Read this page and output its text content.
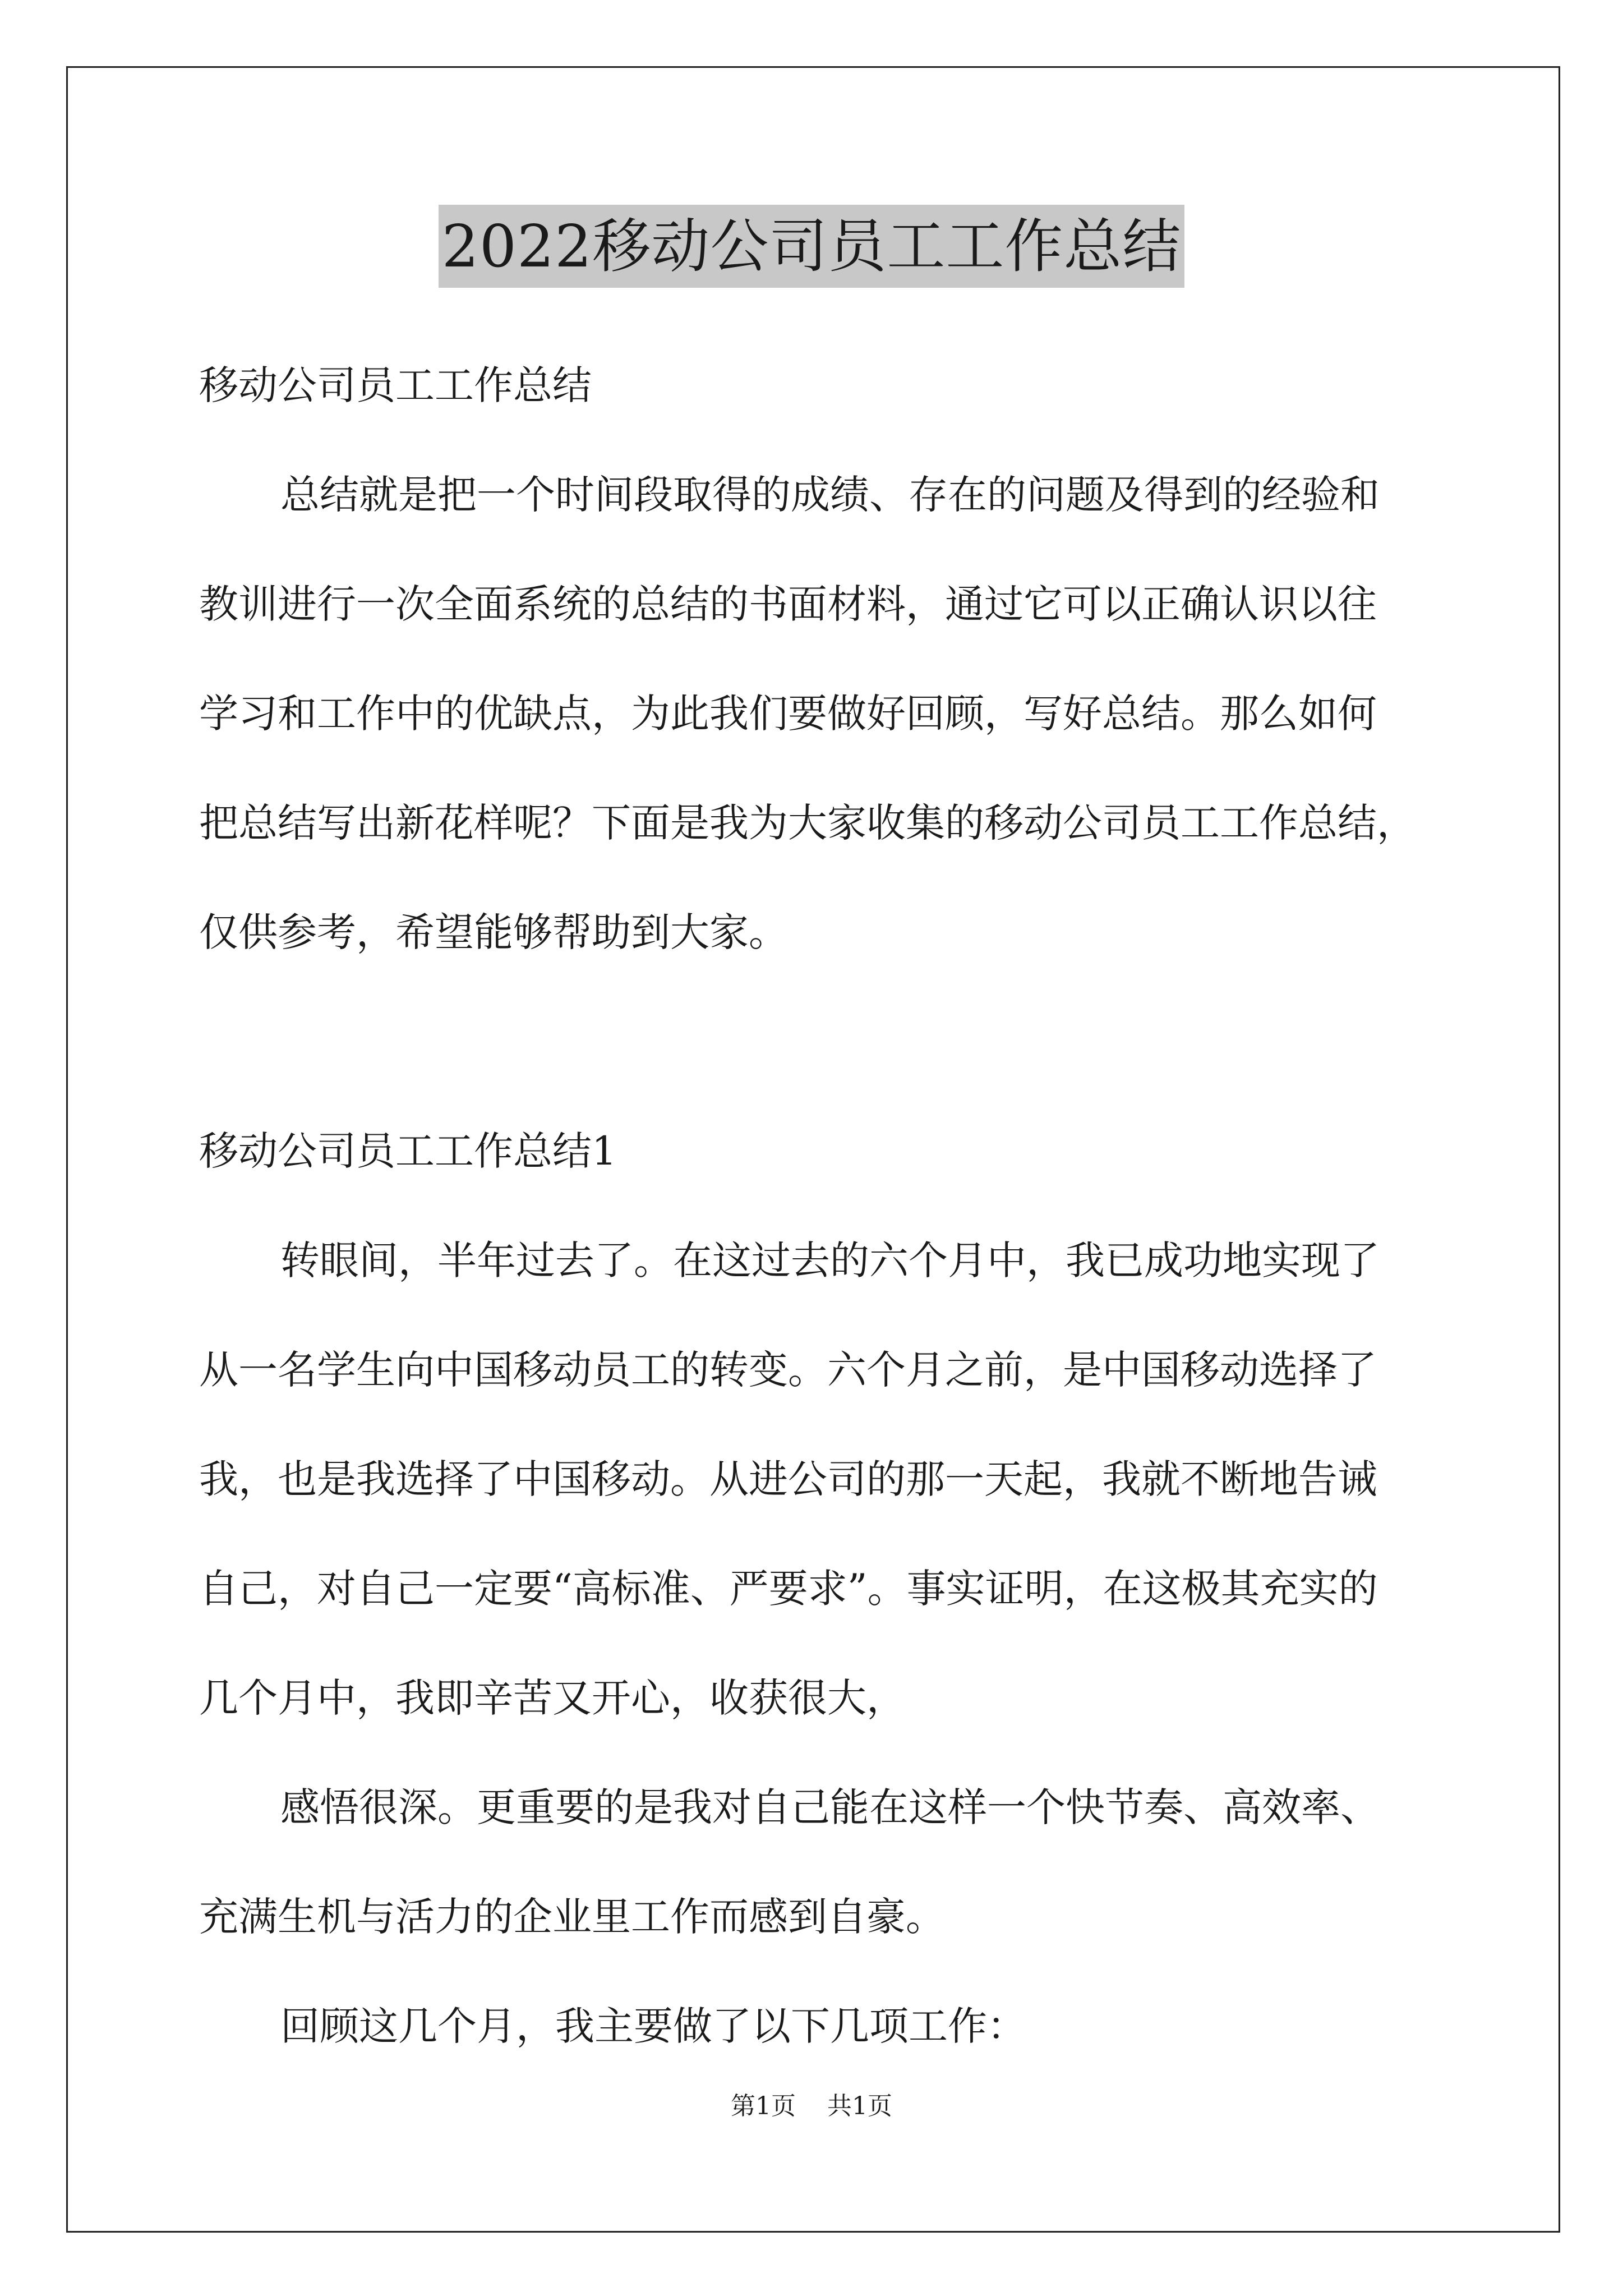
2022移动公司员工工作总结
移动公司员工工作总结
总结就是把一个时间段取得的成绩、存在的问题及得到的经验和
教训进行一次全面系统的总结的书面材料，通过它可以正确认识以往
学习和工作中的优缺点，为此我们要做好回顾，写好总结。那么如何
把总结写出新花样呢？下面是我为大家收集的移动公司员工工作总结，
仅供参考，希望能够帮助到大家。
移动公司员工工作总结1
转眼间，半年过去了。在这过去的六个月中，我已成功地实现了
从一名学生向中国移动员工的转变。六个月之前，是中国移动选择了
我，也是我选择了中国移动。从进公司的那一天起，我就不断地告诫
自己，对自己一定要“高标准、严要求”。事实证明，在这极其充实的
几个月中，我即辛苦又开心，收获很大，
感悟很深。更重要的是我对自己能在这样一个快节奏、高效率、
充满生机与活力的企业里工作而感到自豪。
回顾这几个月，我主要做了以下几项工作：
第1页 共1页
